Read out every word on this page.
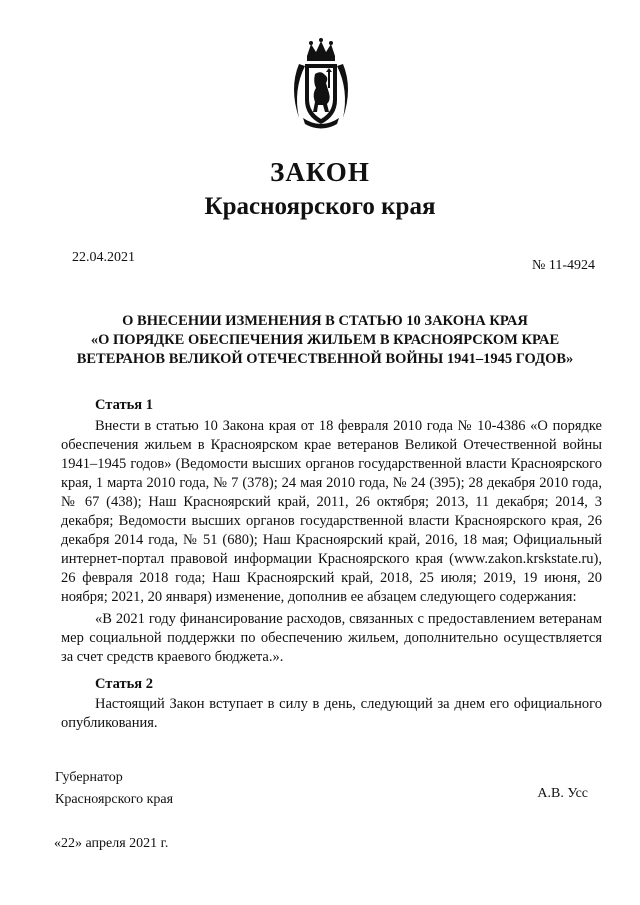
ЗАКОН
Красноярского края
22.04.2021
№ 11-4924
О ВНЕСЕНИИ ИЗМЕНЕНИЯ В СТАТЬЮ 10 ЗАКОНА КРАЯ
«О ПОРЯДКЕ ОБЕСПЕЧЕНИЯ ЖИЛЬЕМ В КРАСНОЯРСКОМ КРАЕ
ВЕТЕРАНОВ ВЕЛИКОЙ ОТЕЧЕСТВЕННОЙ ВОЙНЫ 1941–1945 ГОДОВ»
Статья 1
Внести в статью 10 Закона края от 18 февраля 2010 года № 10-4386 «О порядке обеспечения жильем в Красноярском крае ветеранов Великой Отечественной войны 1941–1945 годов» (Ведомости высших органов государственной власти Красноярского края, 1 марта 2010 года, № 7 (378); 24 мая 2010 года, № 24 (395); 28 декабря 2010 года, № 67 (438); Наш Красноярский край, 2011, 26 октября; 2013, 11 декабря; 2014, 3 декабря; Ведомости высших органов государственной власти Красноярского края, 26 декабря 2014 года, № 51 (680); Наш Красноярский край, 2016, 18 мая; Официальный интернет-портал правовой информации Красноярского края (www.zakon.krskstate.ru), 26 февраля 2018 года; Наш Красноярский край, 2018, 25 июля; 2019, 19 июня, 20 ноября; 2021, 20 января) изменение, дополнив ее абзацем следующего содержания:
«В 2021 году финансирование расходов, связанных с предоставлением ветеранам мер социальной поддержки по обеспечению жильем, дополнительно осуществляется за счет средств краевого бюджета.».
Статья 2
Настоящий Закон вступает в силу в день, следующий за днем его официального опубликования.
Губернатор
Красноярского края	А.В. Усс
«22» апреля 2021 г.
